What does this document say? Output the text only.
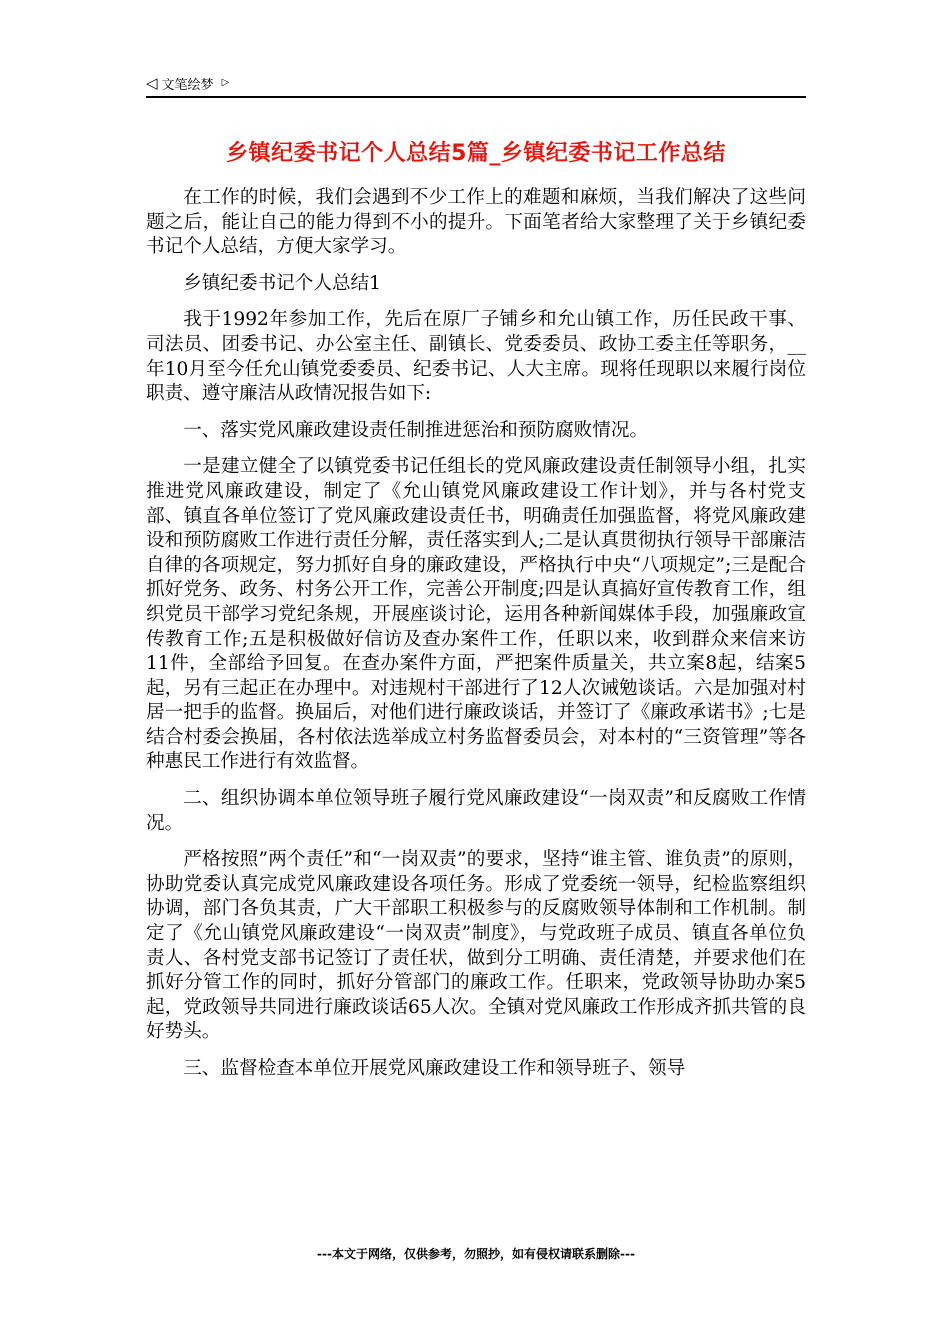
◁ 文笔绘梦 ▷
乡镇纪委书记个人总结5篇_乡镇纪委书记工作总结

在工作的时候，我们会遇到不少工作上的难题和麻烦，当我们解决了这些问题之后，能让自己的能力得到不小的提升。下面笔者给大家整理了关于乡镇纪委书记个人总结，方便大家学习。

乡镇纪委书记个人总结1

我于1992年参加工作，先后在原厂子铺乡和允山镇工作，历任民政干事、司法员、团委书记、办公室主任、副镇长、党委委员、政协工委主任等职务，__年10月至今任允山镇党委委员、纪委书记、人大主席。现将任现职以来履行岗位职责、遵守廉洁从政情况报告如下:

一、落实党风廉政建设责任制推进惩治和预防腐败情况。

一是建立健全了以镇党委书记任组长的党风廉政建设责任制领导小组，扎实推进党风廉政建设，制定了《允山镇党风廉政建设工作计划》，并与各村党支部、镇直各单位签订了党风廉政建设责任书，明确责任加强监督，将党风廉政建设和预防腐败工作进行责任分解，责任落实到人;二是认真贯彻执行领导干部廉洁自律的各项规定，努力抓好自身的廉政建设，严格执行中央“八项规定”;三是配合抓好党务、政务、村务公开工作，完善公开制度;四是认真搞好宣传教育工作，组织党员干部学习党纪条规，开展座谈讨论，运用各种新闻媒体手段，加强廉政宣传教育工作;五是积极做好信访及查办案件工作，任职以来，收到群众来信来访11件，全部给予回复。在查办案件方面，严把案件质量关，共立案8起，结案5起，另有三起正在办理中。对违规村干部进行了12人次诫勉谈话。六是加强对村居一把手的监督。换届后，对他们进行廉政谈话，并签订了《廉政承诺书》;七是结合村委会换届，各村依法选举成立村务监督委员会，对本村的“三资管理”等各种惠民工作进行有效监督。

二、组织协调本单位领导班子履行党风廉政建设“一岗双责”和反腐败工作情况。

严格按照”两个责任”和“一岗双责”的要求，坚持“谁主管、谁负责”的原则，协助党委认真完成党风廉政建设各项任务。形成了党委统一领导，纪检监察组织协调，部门各负其责，广大干部职工积极参与的反腐败领导体制和工作机制。制定了《允山镇党风廉政建设“一岗双责”制度》，与党政班子成员、镇直各单位负责人、各村党支部书记签订了责任状，做到分工明确、责任清楚，并要求他们在抓好分管工作的同时，抓好分管部门的廉政工作。任职来，党政领导协助办案5起，党政领导共同进行廉政谈话65人次。全镇对党风廉政工作形成齐抓共管的良好势头。

三、监督检查本单位开展党风廉政建设工作和领导班子、领导

---本文于网络，仅供参考，勿照抄，如有侵权请联系删除---
